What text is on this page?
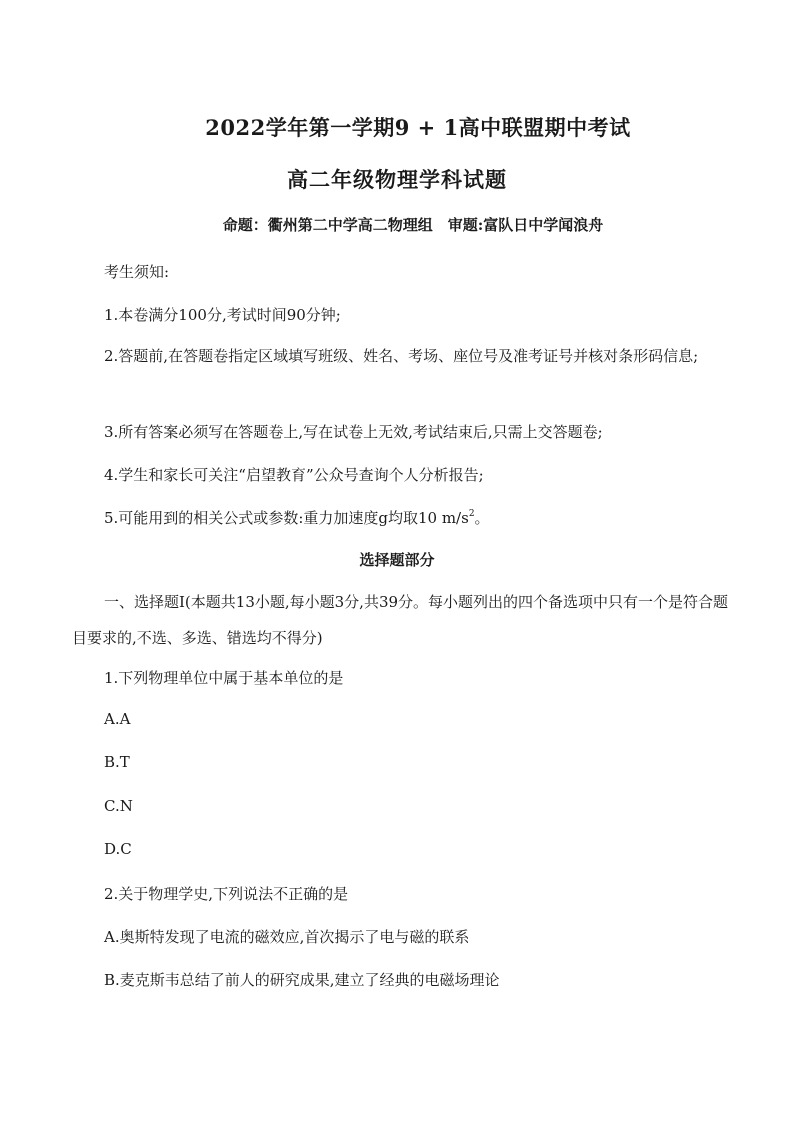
2022学年第一学期9 + 1高中联盟期中考试
高二年级物理学科试题
命题：衢州第二中学高二物理组　审题:富队日中学闻浪舟
考生须知:
1.本卷满分100分,考试时间90分钟;
2.答题前,在答题卷指定区域填写班级、姓名、考场、座位号及准考证号并核对条形码信息;
3.所有答案必须写在答题卷上,写在试卷上无效,考试结束后,只需上交答题卷;
4.学生和家长可关注“启望教育”公众号查询个人分析报告;
5.可能用到的相关公式或参数:重力加速度g均取10 $m/s^2$。
选择题部分
一、选择题Ⅰ(本题共13小题,每小题3分,共39分。每小题列出的四个备选项中只有一个是符合题目要求的,不选、多选、错选均不得分)
1.下列物理单位中属于基本单位的是
A.A
B.T
C.N
D.C
2.关于物理学史,下列说法不正确的是
A.奥斯特发现了电流的磁效应,首次揭示了电与磁的联系
B.麦克斯韦总结了前人的研究成果,建立了经典的电磁场理论
